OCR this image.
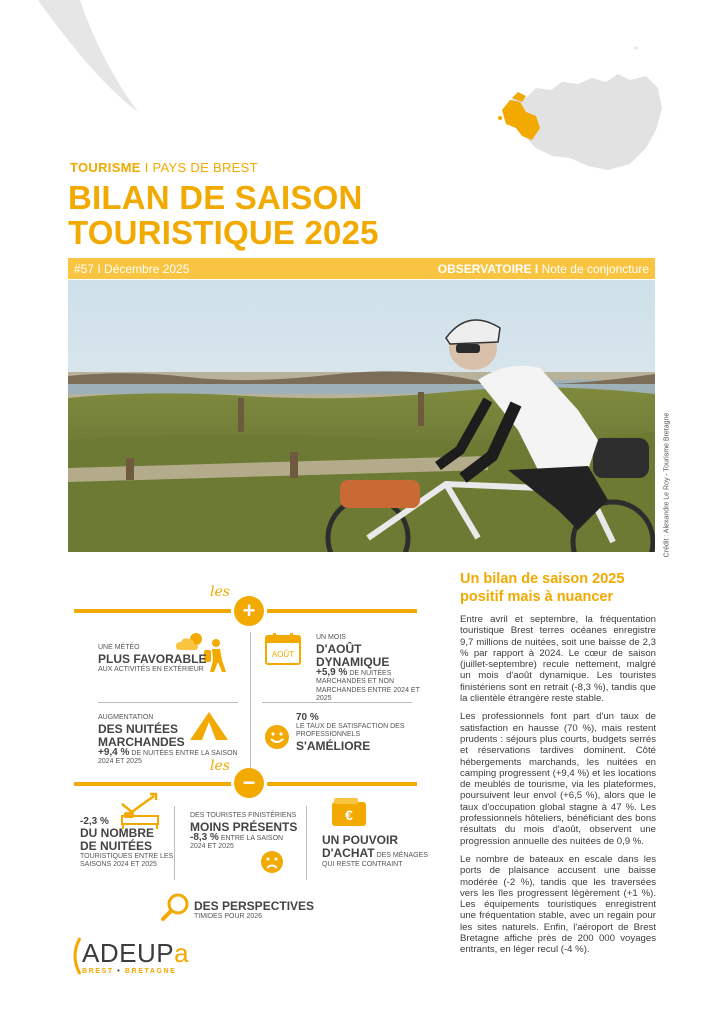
TOURISME I PAYS DE BREST
BILAN DE SAISON
TOURISTIQUE 2025
#57 I Décembre 2025	OBSERVATOIRE I Note de conjoncture
Crédit : Alexandre Le Roy - Tourisme Bretagne
les
+
UNE MÉTÉO
PLUS FAVORABLE
AUX ACTIVITÉS EN EXTÉRIEUR
AOÛT
UN MOIS
D'AOÛT
DYNAMIQUE
+5,9 % DE NUITÉES MARCHANDES ET NON MARCHANDES ENTRE 2024 ET 2025
AUGMENTATION
DES NUITÉES
MARCHANDES
+9,4 % DE NUITÉES ENTRE LA SAISON 2024 ET 2025
70 %
LE TAUX DE SATISFACTION DES PROFESSIONNELS
S'AMÉLIORE
les
−
-2,3 %
DU NOMBRE
DE NUITÉES
TOURISTIQUES ENTRE LES SAISONS 2024 ET 2025
DES TOURISTES FINISTÉRIENS
MOINS PRÉSENTS
-8,3 % ENTRE LA SAISON 2024 ET 2025
€
UN POUVOIR
D'ACHAT DES MÉNAGES QUI RESTE CONTRAINT
DES PERSPECTIVES
TIMIDES POUR 2026
ADEUPa
BREST • BRETAGNE
Un bilan de saison 2025 positif mais à nuancer

Entre avril et septembre, la fréquentation touristique Brest terres océanes enregistre 9,7 millions de nuitées, soit une baisse de 2,3 % par rapport à 2024. Le cœur de saison (juillet-septembre) recule nettement, malgré un mois d'août dynamique. Les touristes finistériens sont en retrait (-8,3 %), tandis que la clientèle étrangère reste stable.

Les professionnels font part d'un taux de satisfaction en hausse (70 %), mais restent prudents : séjours plus courts, budgets serrés et réservations tardives dominent. Côté hébergements marchands, les nuitées en camping progressent (+9,4 %) et les locations de meublés de tourisme, via les plateformes, poursuivent leur envol (+6,5 %), alors que le taux d'occupation global stagne à 47 %. Les professionnels hôteliers, bénéficiant des bons résultats du mois d'août, observent une progression annuelle des nuitées de 0,9 %.

Le nombre de bateaux en escale dans les ports de plaisance accusent une baisse modérée (-2 %), tandis que les traversées vers les îles progressent légèrement (+1 %). Les équipements touristiques enregistrent une fréquentation stable, avec un regain pour les sites naturels. Enfin, l'aéroport de Brest Bretagne affiche près de 200 000 voyages entrants, en léger recul (-4 %).
